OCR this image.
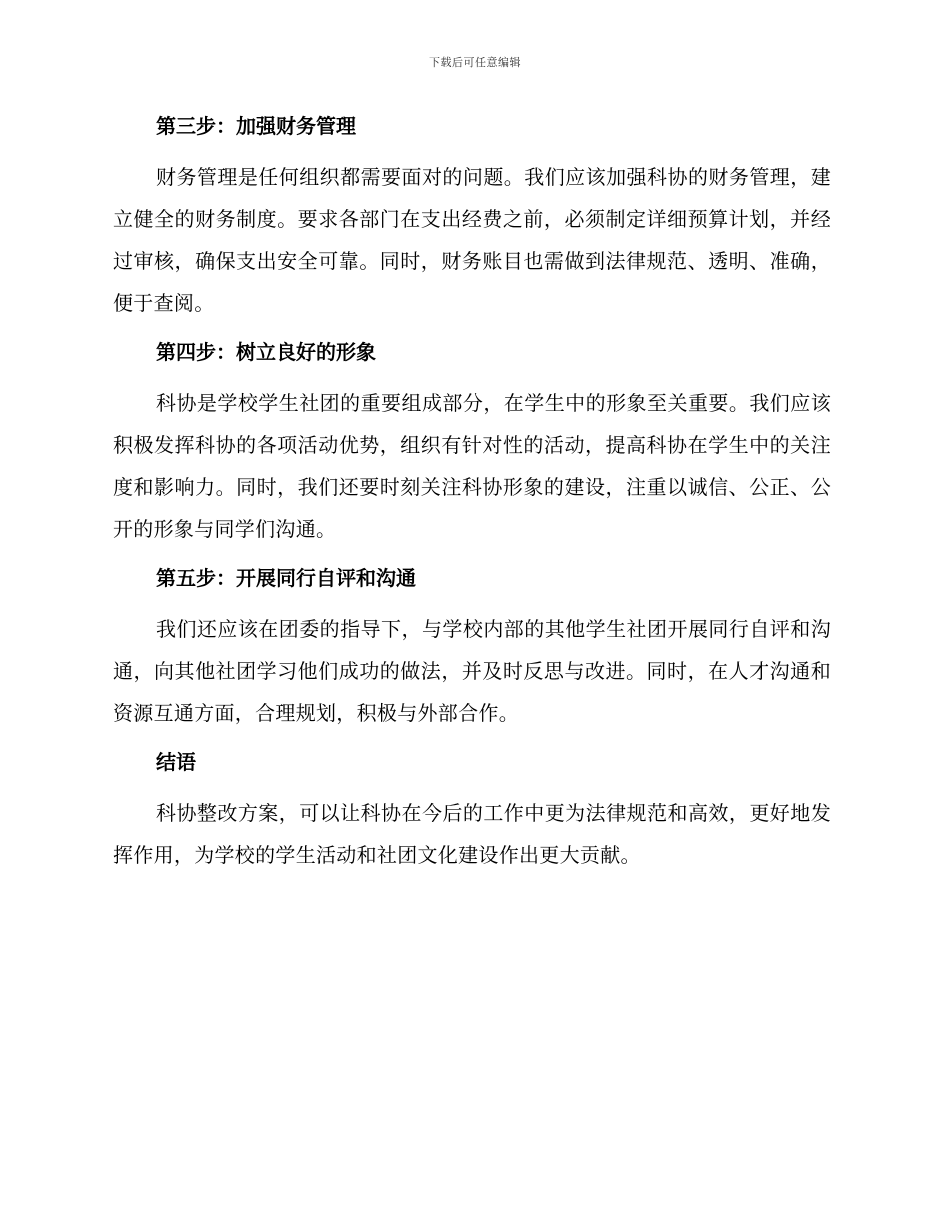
下载后可任意编辑
第三步：加强财务管理

财务管理是任何组织都需要面对的问题。我们应该加强科协的财务管理，建立健全的财务制度。要求各部门在支出经费之前，必须制定详细预算计划，并经过审核，确保支出安全可靠。同时，财务账目也需做到法律规范、透明、准确，便于查阅。

第四步：树立良好的形象

科协是学校学生社团的重要组成部分，在学生中的形象至关重要。我们应该积极发挥科协的各项活动优势，组织有针对性的活动，提高科协在学生中的关注度和影响力。同时，我们还要时刻关注科协形象的建设，注重以诚信、公正、公开的形象与同学们沟通。

第五步：开展同行自评和沟通

我们还应该在团委的指导下，与学校内部的其他学生社团开展同行自评和沟通，向其他社团学习他们成功的做法，并及时反思与改进。同时，在人才沟通和资源互通方面，合理规划，积极与外部合作。

结语

科协整改方案，可以让科协在今后的工作中更为法律规范和高效，更好地发挥作用，为学校的学生活动和社团文化建设作出更大贡献。
